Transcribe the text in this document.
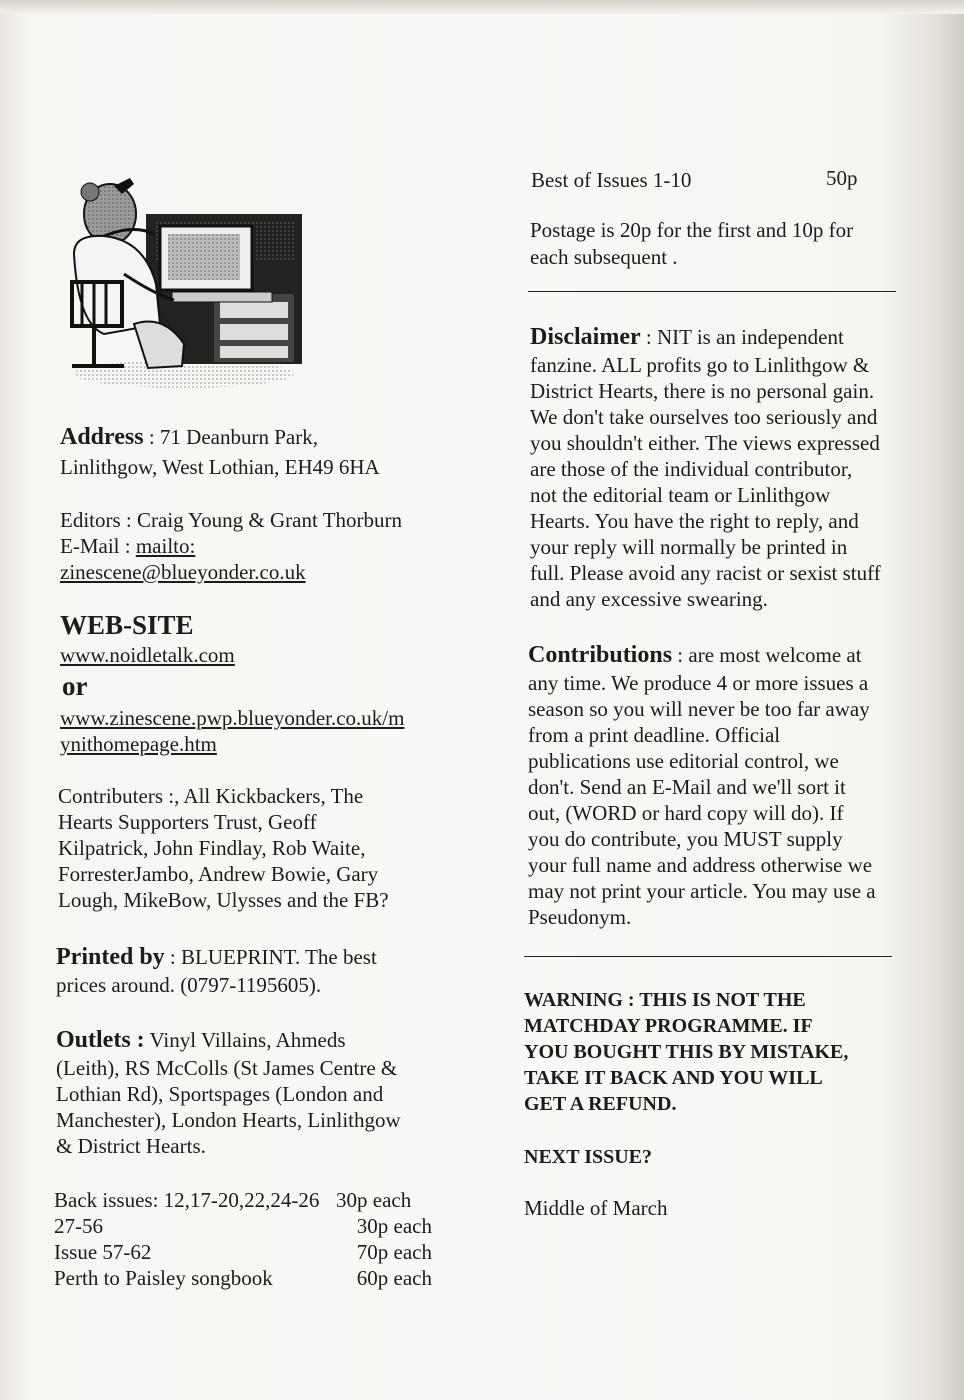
Address : 71 Deanburn Park,
Linlithgow, West Lothian, EH49 6HA
Editors : Craig Young & Grant Thorburn
E-Mail : mailto:
zinescene@blueyonder.co.uk
WEB-SITE
www.noidletalk.com
or
www.zinescene.pwp.blueyonder.co.uk/m
ynithomepage.htm
Contributers :, All Kickbackers, The
Hearts Supporters Trust, Geoff
Kilpatrick, John Findlay, Rob Waite,
ForresterJambo, Andrew Bowie, Gary
Lough, MikeBow, Ulysses and the FB?
Printed by : BLUEPRINT. The best
prices around. (0797-1195605).
Outlets : Vinyl Villains, Ahmeds
(Leith), RS McColls (St James Centre &
Lothian Rd), Sportspages (London and
Manchester), London Hearts, Linlithgow
& District Hearts.
Back issues: 12,17-20,22,24-26 30p each
27-56	30p each
Issue 57-62	70p each
Perth to Paisley songbook	60p each
Best of Issues 1-10	50p
Postage is 20p for the first and 10p for
each subsequent .
Disclaimer : NIT is an independent
fanzine. ALL profits go to Linlithgow &
District Hearts, there is no personal gain.
We don't take ourselves too seriously and
you shouldn't either. The views expressed
are those of the individual contributor,
not the editorial team or Linlithgow
Hearts. You have the right to reply, and
your reply will normally be printed in
full. Please avoid any racist or sexist stuff
and any excessive swearing.
Contributions : are most welcome at
any time. We produce 4 or more issues a
season so you will never be too far away
from a print deadline. Official
publications use editorial control, we
don't. Send an E-Mail and we'll sort it
out, (WORD or hard copy will do). If
you do contribute, you MUST supply
your full name and address otherwise we
may not print your article. You may use a
Pseudonym.
WARNING : THIS IS NOT THE
MATCHDAY PROGRAMME. IF
YOU BOUGHT THIS BY MISTAKE,
TAKE IT BACK AND YOU WILL
GET A REFUND.
NEXT ISSUE?
Middle of March
